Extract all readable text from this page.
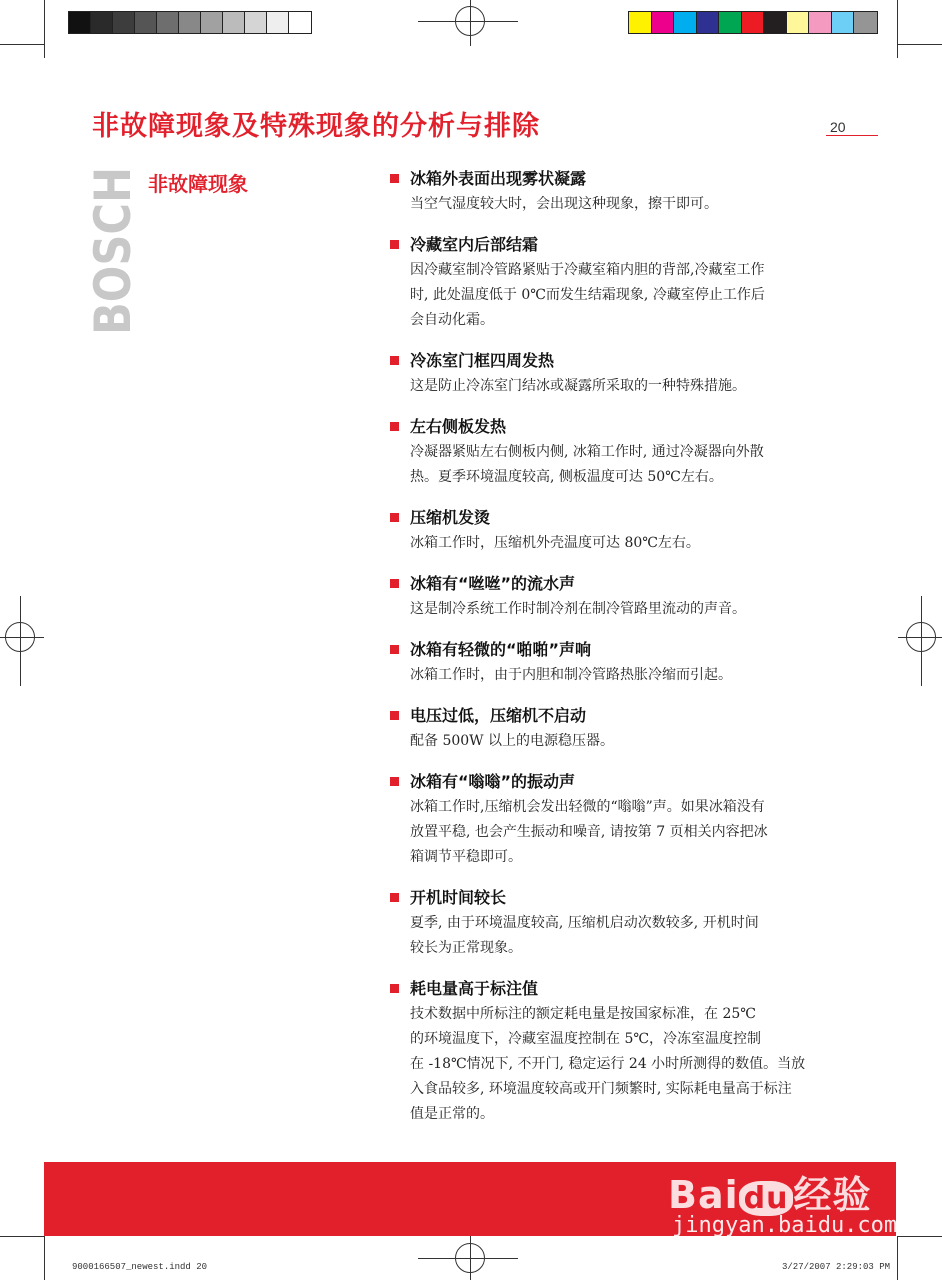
非故障现象及特殊现象的分析与排除	20
BOSCH 非故障现象	冰箱外表面出现雾状凝露
当空气湿度较大时，会出现这种现象，擦干即可。
冷藏室内后部结霜
因冷藏室制冷管路紧贴于冷藏室箱内胆的背部,冷藏室工作
时, 此处温度低于 0℃而发生结霜现象, 冷藏室停止工作后
会自动化霜。
冷冻室门框四周发热
这是防止冷冻室门结冰或凝露所采取的一种特殊措施。
左右侧板发热
冷凝器紧贴左右侧板内侧, 冰箱工作时, 通过冷凝器向外散
热。夏季环境温度较高, 侧板温度可达 50℃左右。
压缩机发烫
冰箱工作时，压缩机外壳温度可达 80℃左右。
冰箱有“咝咝”的流水声
这是制冷系统工作时制冷剂在制冷管路里流动的声音。
冰箱有轻微的“啪啪”声响
冰箱工作时，由于内胆和制冷管路热胀冷缩而引起。
电压过低，压缩机不启动
配备 500W 以上的电源稳压器。
冰箱有“嗡嗡”的振动声
冰箱工作时,压缩机会发出轻微的“嗡嗡”声。如果冰箱没有
放置平稳, 也会产生振动和噪音, 请按第 7 页相关内容把冰
箱调节平稳即可。
开机时间较长
夏季, 由于环境温度较高, 压缩机启动次数较多, 开机时间
较长为正常现象。
耗电量高于标注值
技术数据中所标注的额定耗电量是按国家标准，在 25℃
的环境温度下，冷藏室温度控制在 5℃，冷冻室温度控制
在 -18℃情况下, 不开门, 稳定运行 24 小时所测得的数值。当放
入食品较多, 环境温度较高或开门频繁时, 实际耗电量高于标注
值是正常的。
Bai du 经验
jingyan.baidu.com
9000166507_newest.indd 20	3/27/2007 2:29:03 PM
